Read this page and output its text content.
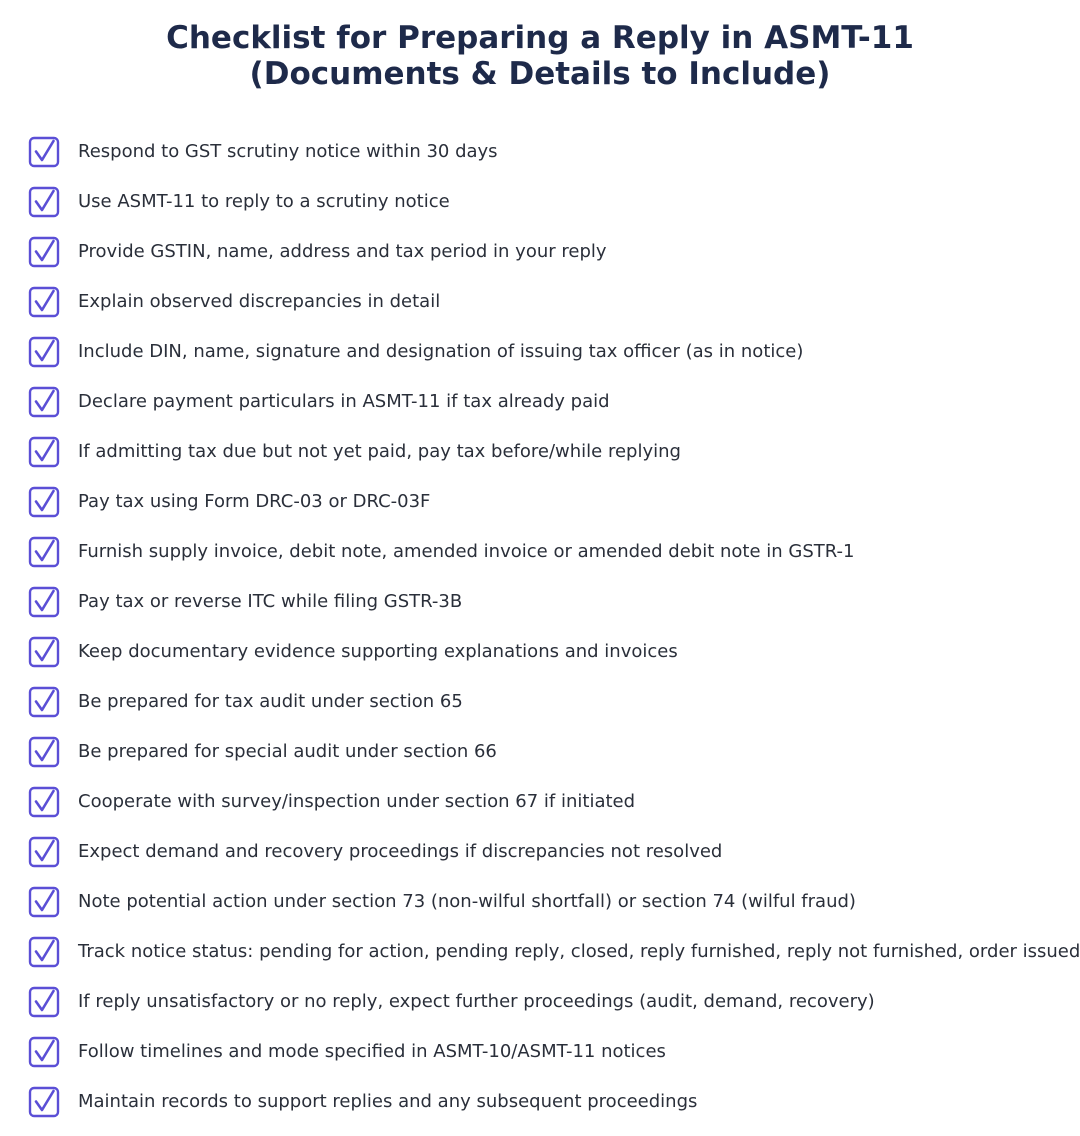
Checklist for Preparing a Reply in ASMT-11
(Documents & Details to Include)
Respond to GST scrutiny notice within 30 days
Use ASMT-11 to reply to a scrutiny notice
Provide GSTIN, name, address and tax period in your reply
Explain observed discrepancies in detail
Include DIN, name, signature and designation of issuing tax officer (as in notice)
Declare payment particulars in ASMT-11 if tax already paid
If admitting tax due but not yet paid, pay tax before/while replying
Pay tax using Form DRC-03 or DRC-03F
Furnish supply invoice, debit note, amended invoice or amended debit note in GSTR-1
Pay tax or reverse ITC while filing GSTR-3B
Keep documentary evidence supporting explanations and invoices
Be prepared for tax audit under section 65
Be prepared for special audit under section 66
Cooperate with survey/inspection under section 67 if initiated
Expect demand and recovery proceedings if discrepancies not resolved
Note potential action under section 73 (non-wilful shortfall) or section 74 (wilful fraud)
Track notice status: pending for action, pending reply, closed, reply furnished, reply not furnished, order issued
If reply unsatisfactory or no reply, expect further proceedings (audit, demand, recovery)
Follow timelines and mode specified in ASMT-10/ASMT-11 notices
Maintain records to support replies and any subsequent proceedings
